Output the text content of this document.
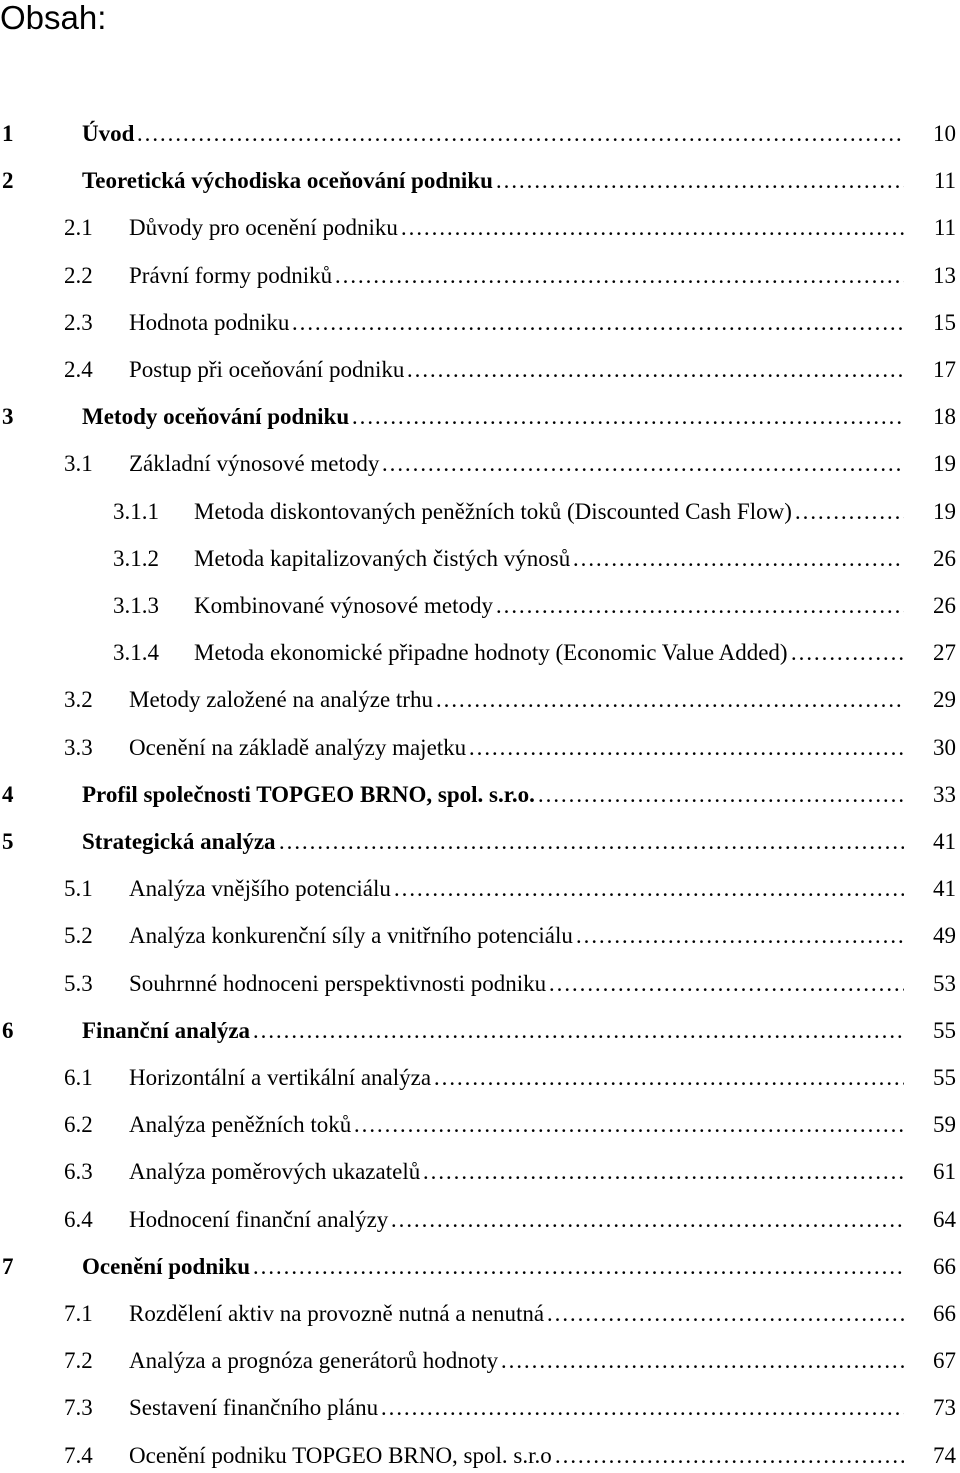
Obsah:
1	Úvod ……………………………………………………………………………………………………………………………………………………	10
2	Teoretická východiska oceňování podniku ……………………………………………………………………………………………………………………………………………………	11
2.1 Důvody pro ocenění podniku ……………………………………………………………………………………………………………………………………………………	11
2.2 Právní formy podniků ……………………………………………………………………………………………………………………………………………………	13
2.3 Hodnota podniku ……………………………………………………………………………………………………………………………………………………	15
2.4 Postup při oceňování podniku ……………………………………………………………………………………………………………………………………………………	17
3	Metody oceňování podniku ……………………………………………………………………………………………………………………………………………………	18
3.1 Základní výnosové metody ……………………………………………………………………………………………………………………………………………………	19
3.1.1 Metoda diskontovaných peněžních toků (Discounted Cash Flow) ……………………………………………………………………………………………………………………………………………………	19
3.1.2 Metoda kapitalizovaných čistých výnosů ……………………………………………………………………………………………………………………………………………………	26
3.1.3 Kombinované výnosové metody ……………………………………………………………………………………………………………………………………………………	26
3.1.4 Metoda ekonomické připadne hodnoty (Economic Value Added) ……………………………………………………………………………………………………………………………………………………	27
3.2 Metody založené na analýze trhu ……………………………………………………………………………………………………………………………………………………	29
3.3 Ocenění na základě analýzy majetku ……………………………………………………………………………………………………………………………………………………	30
4	Profil společnosti TOPGEO BRNO, spol. s.r.o. ……………………………………………………………………………………………………………………………………………………	33
5	Strategická analýza ……………………………………………………………………………………………………………………………………………………	41
5.1 Analýza vnějšího potenciálu ……………………………………………………………………………………………………………………………………………………	41
5.2 Analýza konkurenční síly a vnitřního potenciálu ……………………………………………………………………………………………………………………………………………………	49
5.3 Souhrnné hodnoceni perspektivnosti podniku ……………………………………………………………………………………………………………………………………………………	53
6	Finanční analýza ……………………………………………………………………………………………………………………………………………………	55
6.1 Horizontální a vertikální analýza ……………………………………………………………………………………………………………………………………………………	55
6.2 Analýza peněžních toků ……………………………………………………………………………………………………………………………………………………	59
6.3 Analýza poměrových ukazatelů ……………………………………………………………………………………………………………………………………………………	61
6.4 Hodnocení finanční analýzy ……………………………………………………………………………………………………………………………………………………	64
7	Ocenění podniku ……………………………………………………………………………………………………………………………………………………	66
7.1 Rozdělení aktiv na provozně nutná a nenutná ……………………………………………………………………………………………………………………………………………………	66
7.2 Analýza a prognóza generátorů hodnoty ……………………………………………………………………………………………………………………………………………………	67
7.3 Sestavení finančního plánu ……………………………………………………………………………………………………………………………………………………	73
7.4 Ocenění podniku TOPGEO BRNO, spol. s.r.o ……………………………………………………………………………………………………………………………………………………	74
